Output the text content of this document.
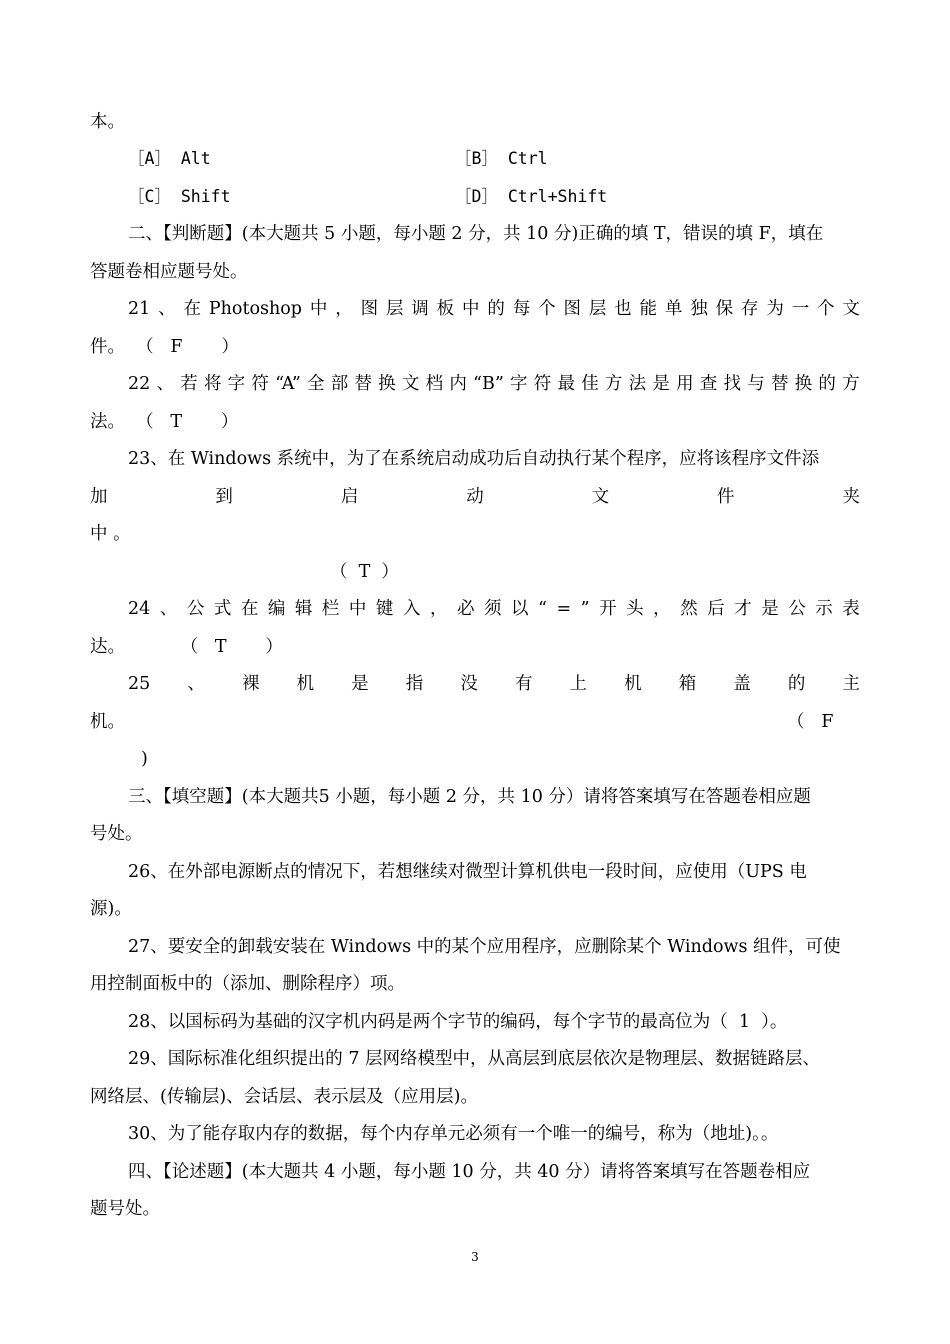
本。
［A］ Alt	［B］ Ctrl
［C］ Shift	［D］ Ctrl+Shift
二、【判断题】(本大题共 5 小题，每小题 2 分，共 10 分)正确的填 T，错误的填 F，填在
答题卷相应题号处。
21 、 在 Photoshop 中 ， 图 层 调 板 中 的 每 个 图 层 也 能 单 独 保 存 为 一 个 文
件。  （   F       ）
22 、 若 将 字 符 “A” 全 部 替 换 文 档 内 “B” 字 符 最 佳 方 法 是 用 查 找 与 替 换 的 方
法。  （   T       ）
23、在 Windows 系统中，为了在系统启动成功后自动执行某个程序，应将该程序文件添
加	到	启	动	文	件	夹
中 。
（  T  ）
24 、 公 式 在 编 辑 栏 中 键 入 ， 必 须 以 “ = ” 开 头 ， 然 后 才 是 公 示 表
达。          （   T       ）
25 、 裸 机 是 指 没 有 上 机 箱 盖 的 主
机。	（   F
)
三、【填空题】(本大题共5 小题，每小题 2 分，共 10 分）请将答案填写在答题卷相应题
号处。
26、在外部电源断点的情况下，若想继续对微型计算机供电一段时间，应使用（UPS 电
源)。
27、要安全的卸载安装在 Windows 中的某个应用程序，应删除某个 Windows 组件，可使
用控制面板中的（添加、删除程序）项。
28、以国标码为基础的汉字机内码是两个字节的编码，每个字节的最高位为（  1  ）。
29、国际标准化组织提出的 7 层网络模型中，从高层到底层依次是物理层、数据链路层、
网络层、(传输层)、会话层、表示层及（应用层)。
30、为了能存取内存的数据，每个内存单元必须有一个唯一的编号，称为（地址)。。
四、【论述题】(本大题共 4 小题，每小题 10 分，共 40 分）请将答案填写在答题卷相应
题号处。
3
